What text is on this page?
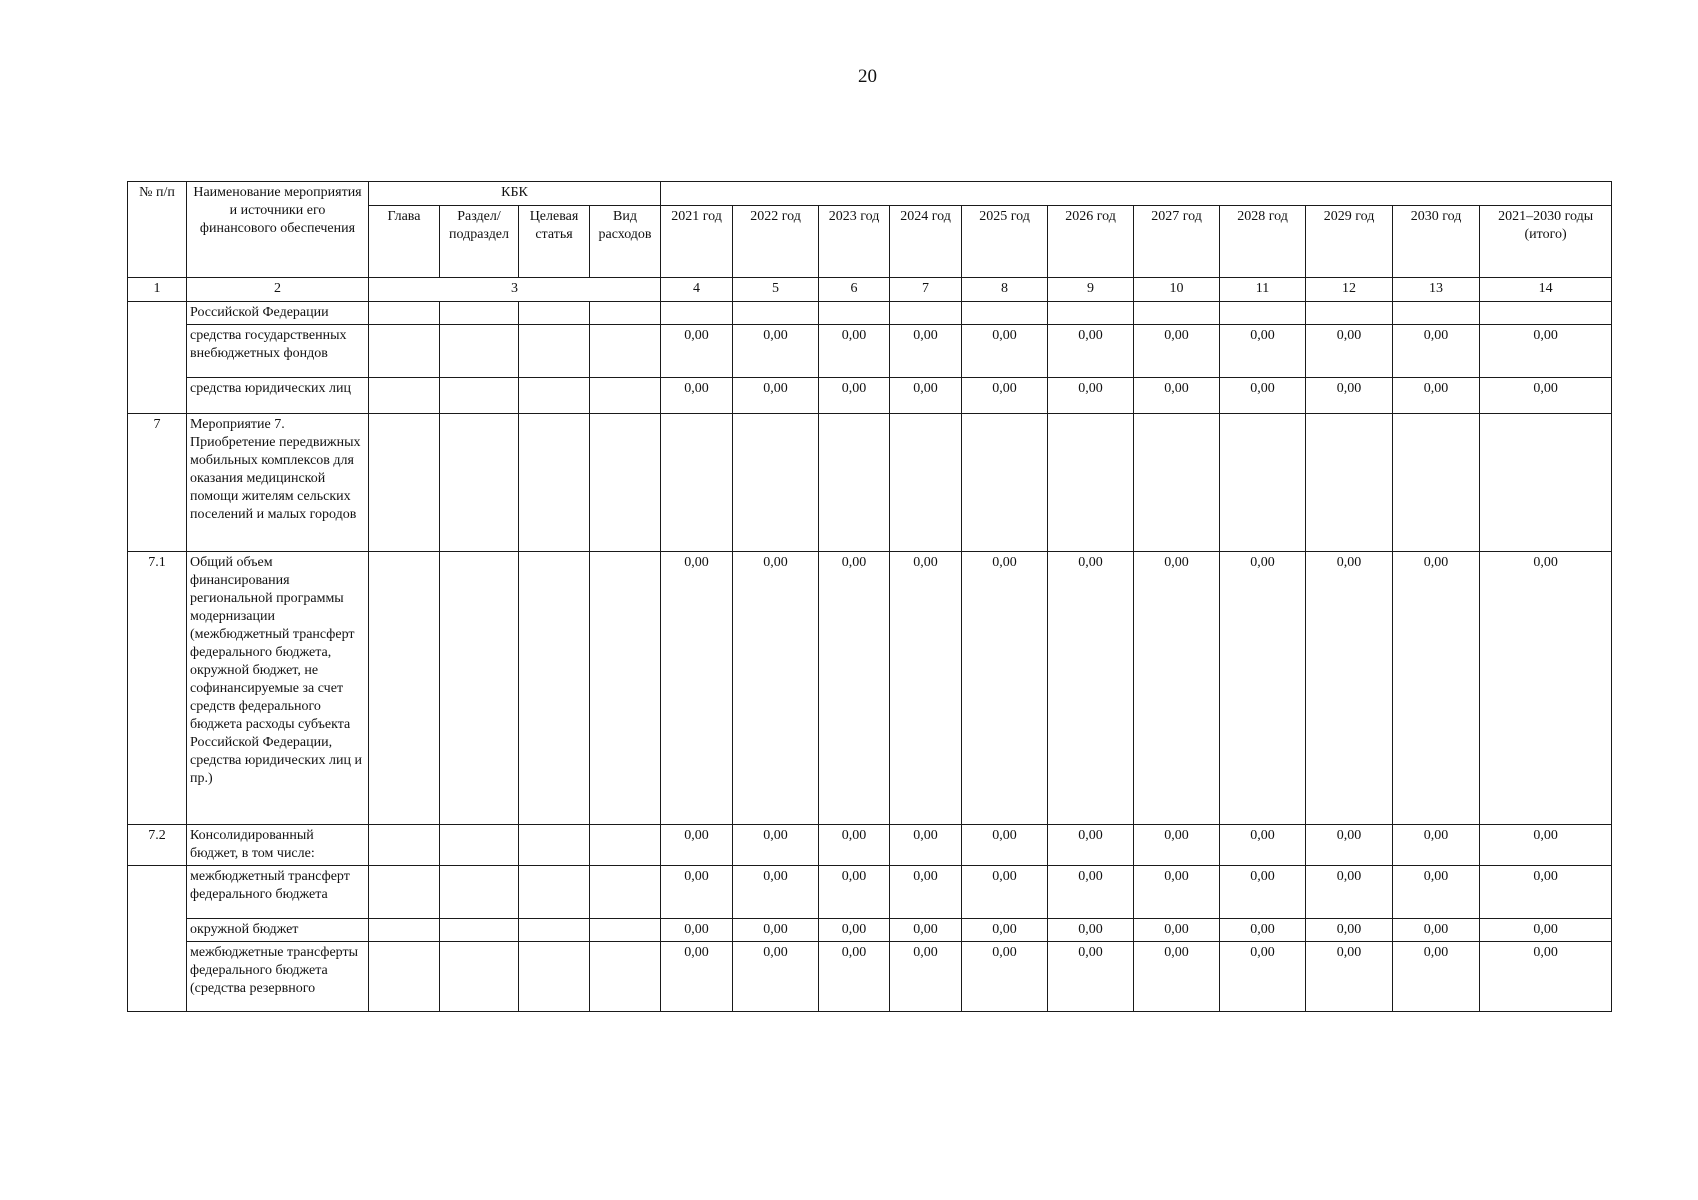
20
№ п/п	Наименование мероприятия и источники его финансового обеспечения	КБК														
		Глава	Раздел/ подраздел	Целевая статья	Вид расходов	2021 год	2022 год	2023 год	2024 год	2025 год	2026 год	2027 год	2028 год	2029 год	2030 год	2021–2030 годы (итого)
1	2	3				4	5	6	7	8	9	10	11	12	13	14
	Российской Федерации															
	средства государственных внебюджетных фондов					0,00	0,00	0,00	0,00	0,00	0,00	0,00	0,00	0,00	0,00	0,00
	средства юридических лиц					0,00	0,00	0,00	0,00	0,00	0,00	0,00	0,00	0,00	0,00	0,00
7	Мероприятие 7. Приобретение передвижных мобильных комплексов для оказания медицинской помощи жителям сельских поселений и малых городов															
7.1	Общий объем финансирования региональной программы модернизации (межбюджетный трансферт федерального бюджета, окружной бюджет, не софинансируемые за счет средств федерального бюджета расходы субъекта Российской Федерации, средства юридических лиц и пр.)					0,00	0,00	0,00	0,00	0,00	0,00	0,00	0,00	0,00	0,00	0,00
7.2	Консолидированный бюджет, в том числе:					0,00	0,00	0,00	0,00	0,00	0,00	0,00	0,00	0,00	0,00	0,00
	межбюджетный трансферт федерального бюджета					0,00	0,00	0,00	0,00	0,00	0,00	0,00	0,00	0,00	0,00	0,00
	окружной бюджет					0,00	0,00	0,00	0,00	0,00	0,00	0,00	0,00	0,00	0,00	0,00
	межбюджетные трансферты федерального бюджета (средства резервного					0,00	0,00	0,00	0,00	0,00	0,00	0,00	0,00	0,00	0,00	0,00
